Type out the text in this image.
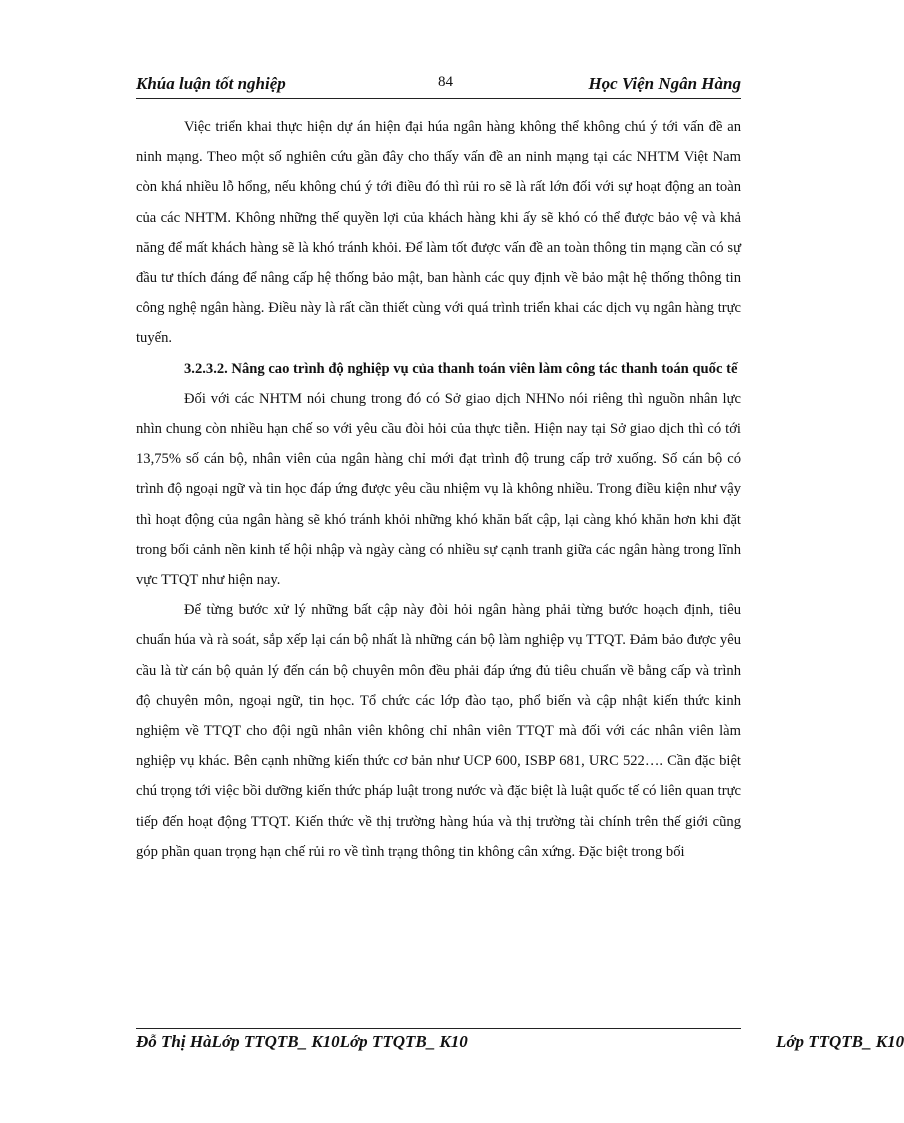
Khúa luận tốt nghiệp	84	Học Viện Ngân Hàng

Việc triển khai thực hiện dự án hiện đại húa ngân hàng không thể không chú ý tới vấn đề an ninh mạng. Theo một số nghiên cứu gần đây cho thấy vấn đề an ninh mạng tại các NHTM Việt Nam còn khá nhiều lỗ hổng, nếu không chú ý tới điều đó thì rủi ro sẽ là rất lớn đối với sự hoạt động an toàn của các NHTM. Không những thế quyền lợi của khách hàng khi ấy sẽ khó có thể được bảo vệ và khả năng để mất khách hàng sẽ là khó tránh khỏi. Để làm tốt được vấn đề an toàn thông tin mạng cần có sự đầu tư thích đáng để nâng cấp hệ thống bảo mật, ban hành các quy định về bảo mật hệ thống thông tin công nghệ ngân hàng. Điều này là rất cần thiết cùng với quá trình triển khai các dịch vụ ngân hàng trực tuyến.

3.2.3.2. Nâng cao trình độ nghiệp vụ của thanh toán viên làm công tác thanh toán quốc tế

Đối với các NHTM nói chung trong đó có Sở giao dịch NHNo nói riêng thì nguồn nhân lực nhìn chung còn nhiều hạn chế so với yêu cầu đòi hỏi của thực tiễn. Hiện nay tại Sở giao dịch thì có tới 13,75% số cán bộ, nhân viên của ngân hàng chỉ mới đạt trình độ trung cấp trở xuống. Số cán bộ có trình độ ngoại ngữ và tin học đáp ứng được yêu cầu nhiệm vụ là không nhiều. Trong điều kiện như vậy thì hoạt động của ngân hàng sẽ khó tránh khỏi những khó khăn bất cập, lại càng khó khăn hơn khi đặt trong bối cảnh nền kinh tế hội nhập và ngày càng có nhiều sự cạnh tranh giữa các ngân hàng trong lĩnh vực TTQT như hiện nay.

Để từng bước xử lý những bất cập này đòi hỏi ngân hàng phải từng bước hoạch định, tiêu chuẩn húa và rà soát, sắp xếp lại cán bộ nhất là những cán bộ làm nghiệp vụ TTQT. Đảm bảo được yêu cầu là từ cán bộ quản lý đến cán bộ chuyên môn đều phải đáp ứng đủ tiêu chuẩn về bằng cấp và trình độ chuyên môn, ngoại ngữ, tin học. Tổ chức các lớp đào tạo, phổ biến và cập nhật kiến thức kinh nghiệm về TTQT cho đội ngũ nhân viên không chỉ nhân viên TTQT mà đối với các nhân viên làm nghiệp vụ khác. Bên cạnh những kiến thức cơ bản như UCP 600, ISBP 681, URC 522…. Cần đặc biệt chú trọng tới việc bồi dưỡng kiến thức pháp luật trong nước và đặc biệt là luật quốc tế có liên quan trực tiếp đến hoạt động TTQT. Kiến thức về thị trường hàng húa và thị trường tài chính trên thế giới cũng góp phần quan trọng hạn chế rủi ro về tình trạng thông tin không cân xứng. Đặc biệt trong bối

Đỗ Thị HàLớp TTQTB_ K10Lớp TTQTB_ K10	Lớp TTQTB_ K10
